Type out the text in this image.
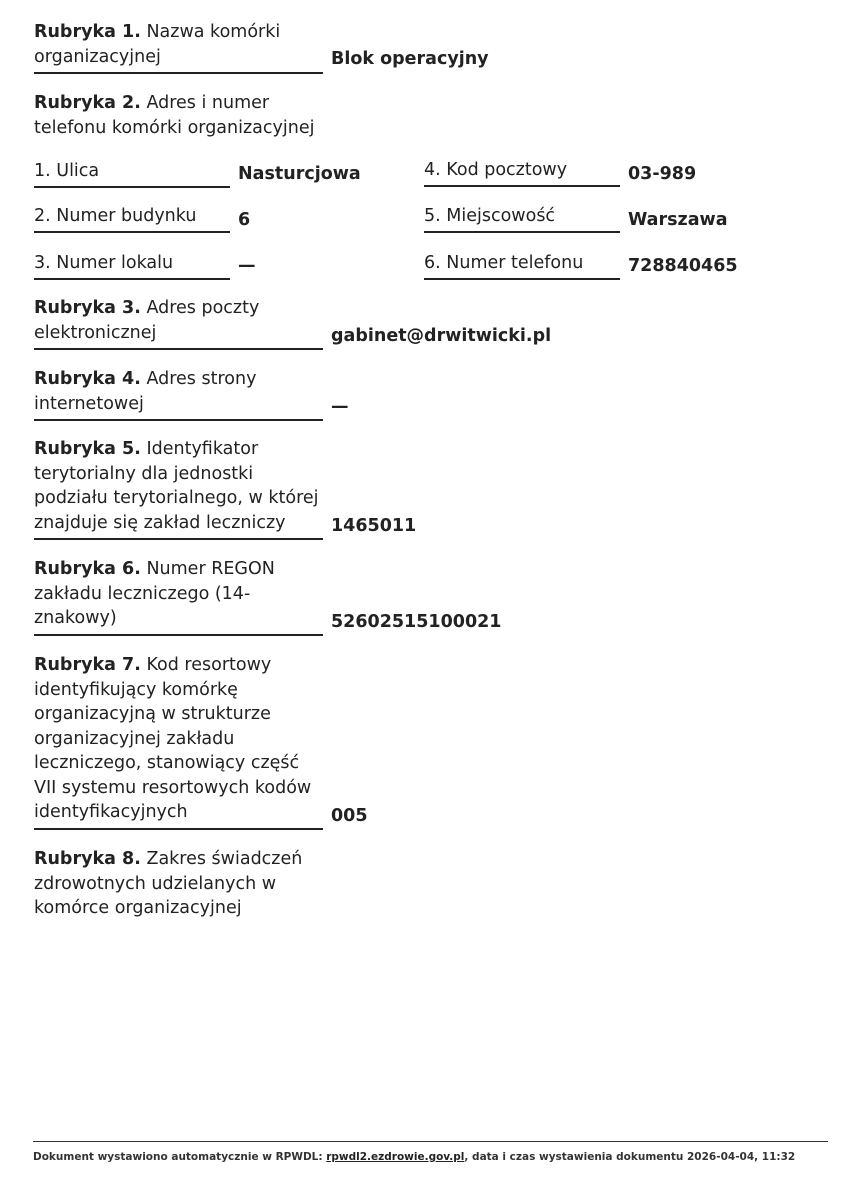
Rubryka 1. Nazwa komórki organizacyjnej	Blok operacyjny
Rubryka 2. Adres i numer telefonu komórki organizacyjnej
1. Ulica	Nasturcjowa
2. Numer budynku	6
3. Numer lokalu	—
4. Kod pocztowy	03-989
5. Miejscowość	Warszawa
6. Numer telefonu	728840465
Rubryka 3. Adres poczty elektronicznej	gabinet@drwitwicki.pl
Rubryka 4. Adres strony internetowej	—
Rubryka 5. Identyfikator terytorialny dla jednostki podziału terytorialnego, w której znajduje się zakład leczniczy	1465011
Rubryka 6. Numer REGON zakładu leczniczego (14-znakowy)	52602515100021
Rubryka 7. Kod resortowy identyfikujący komórkę organizacyjną w strukturze organizacyjnej zakładu leczniczego, stanowiący część VII systemu resortowych kodów identyfikacyjnych	005
Rubryka 8. Zakres świadczeń zdrowotnych udzielanych w komórce organizacyjnej
Dokument wystawiono automatycznie w RPWDL: rpwdl2.ezdrowie.gov.pl, data i czas wystawienia dokumentu 2026-04-04, 11:32
